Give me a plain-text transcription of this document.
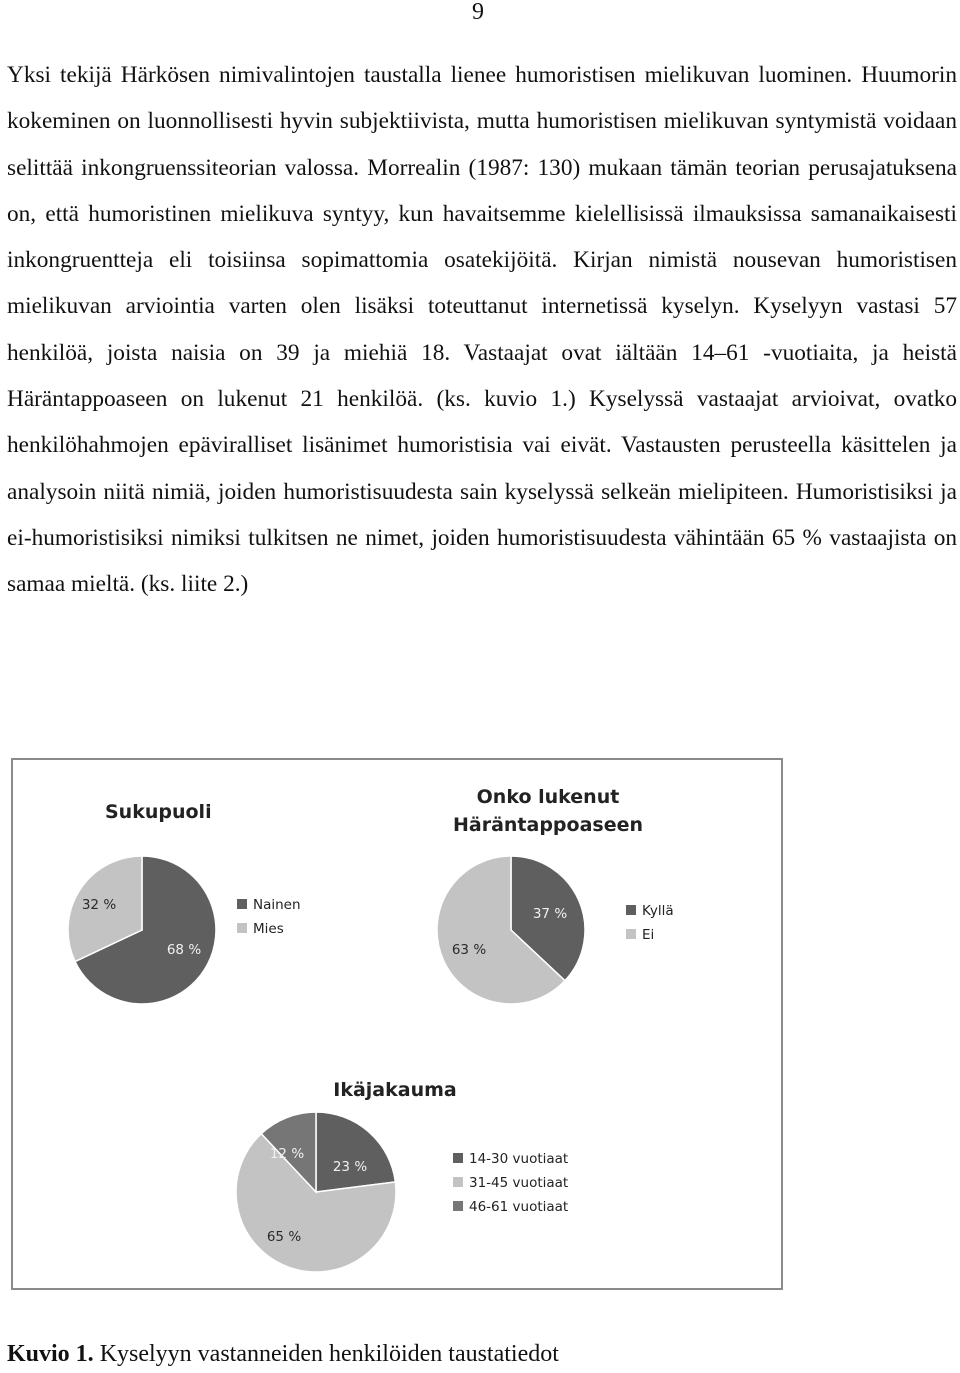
9

Yksi tekijä Härkösen nimivalintojen taustalla lienee humoristisen mielikuvan luominen. Huumorin kokeminen on luonnollisesti hyvin subjektiivista, mutta humoristisen mielikuvan syntymistä voidaan selittää inkongruenssiteorian valossa. Morrealin (1987: 130) mukaan tämän teorian perusajatuksena on, että humoristinen mielikuva syntyy, kun havaitsemme kielellisissä ilmauksissa samanaikaisesti inkongruentteja eli toisiinsa sopimattomia osatekijöitä. Kirjan nimistä nousevan humoristisen mielikuvan arviointia varten olen lisäksi toteuttanut internetissä kyselyn. Kyselyyn vastasi 57 henkilöä, joista naisia on 39 ja miehiä 18. Vastaajat ovat iältään 14–61 -vuotiaita, ja heistä Häräntappoaseen on lukenut 21 henkilöä. (ks. kuvio 1.) Kyselyssä vastaajat arvioivat, ovatko henkilöhahmojen epäviralliset lisänimet humoristisia vai eivät. Vastausten perusteella käsittelen ja analysoin niitä nimiä, joiden humoristisuudesta sain kyselyssä selkeän mielipiteen. Humoristisiksi ja ei-humoristisiksi nimiksi tulkitsen ne nimet, joiden humoristisuudesta vähintään 65 % vastaajista on samaa mieltä. (ks. liite 2.)

68 %
32 %
Sukupuoli
Nainen
Mies
37 %
63 %
Onko lukenut
Häräntappoaseen
Kyllä
Ei
23 %
65 %
12 %
Ikäjakauma
14-30 vuotiaat
31-45 vuotiaat
46-61 vuotiaat
Kuvio 1. Kyselyyn vastanneiden henkilöiden taustatiedot
